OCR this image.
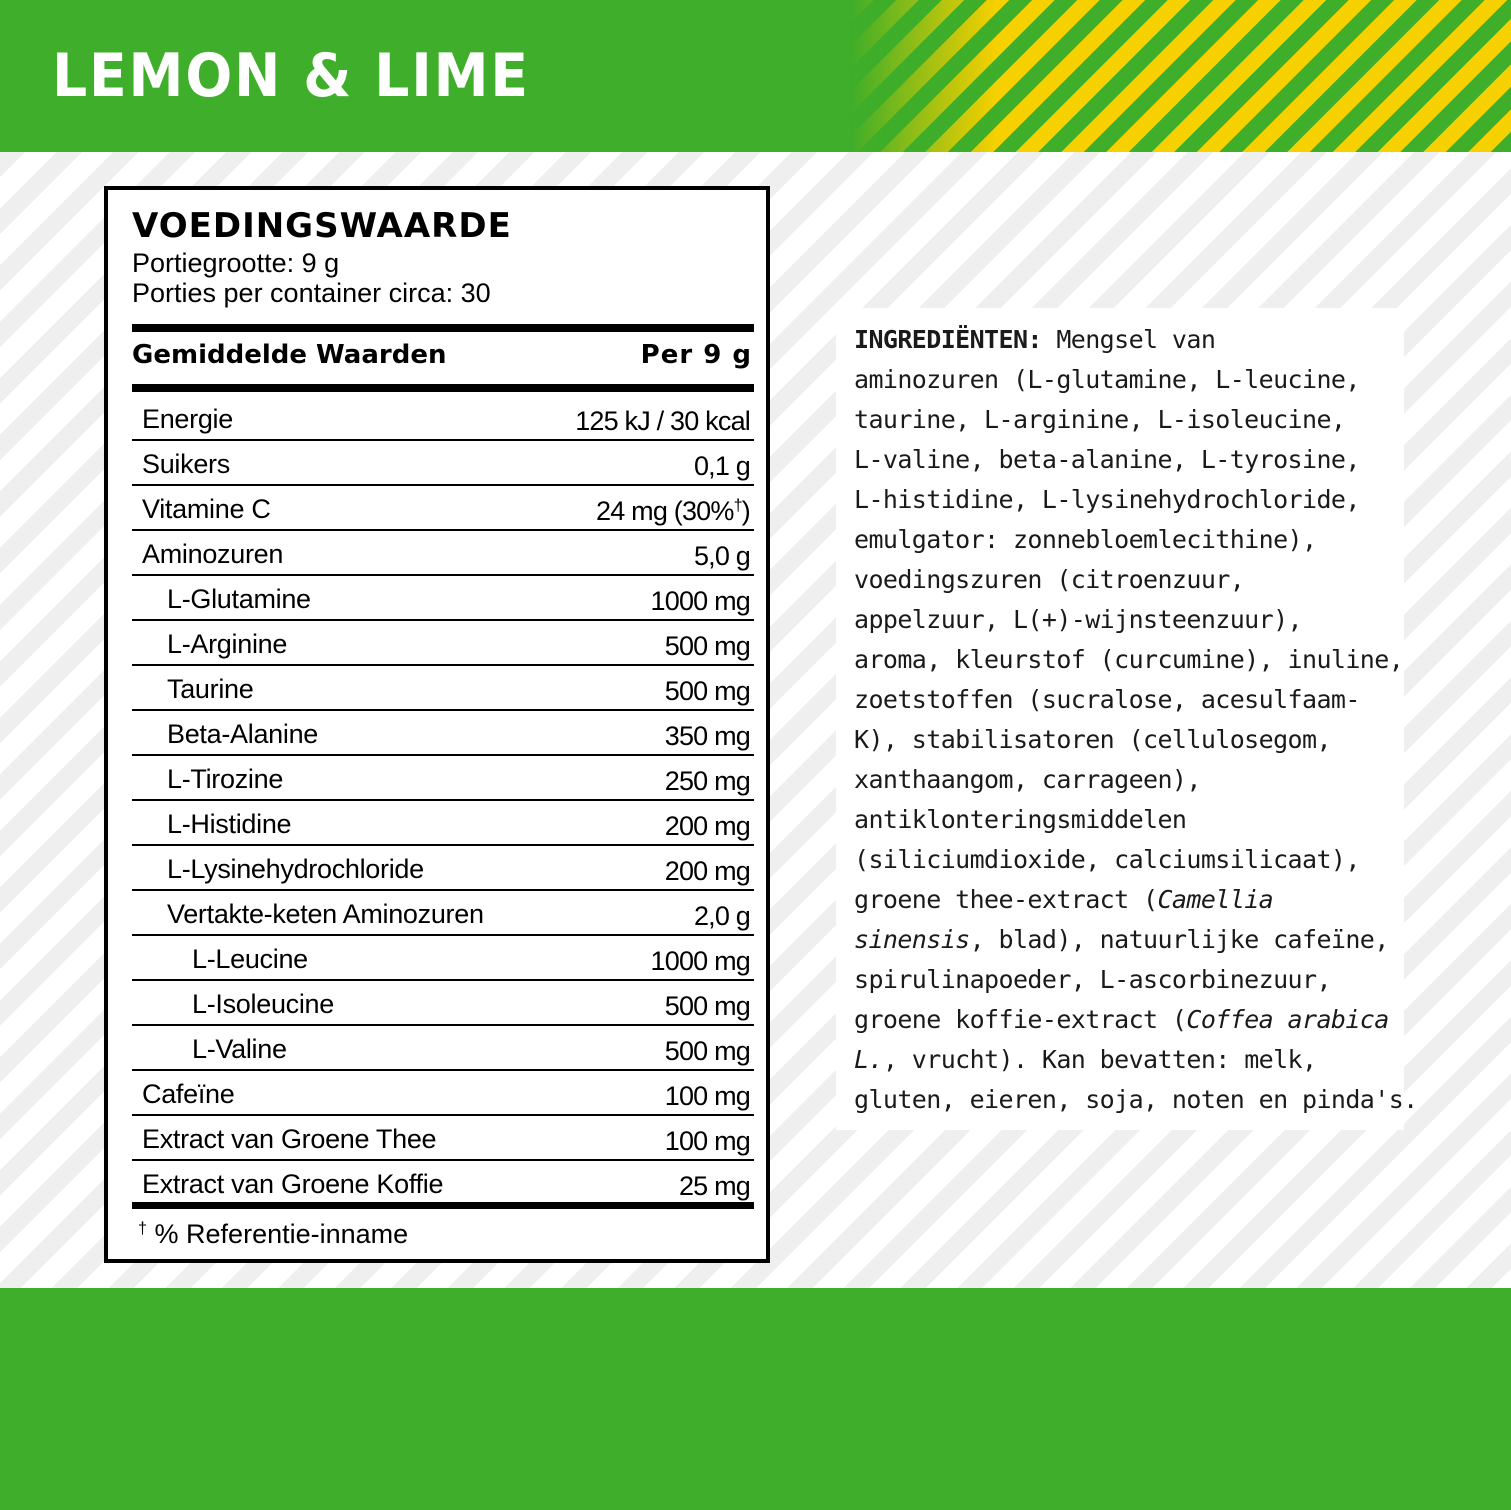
LEMON & LIME
VOEDINGSWAARDE
Portiegrootte: 9 g
Porties per container circa: 30
Gemiddelde Waarden	Per 9 g
Energie	125 kJ / 30 kcal
Suikers	0,1 g
Vitamine C	24 mg (30%†)
Aminozuren	5,0 g
L-Glutamine	1000 mg
L-Arginine	500 mg
Taurine	500 mg
Beta-Alanine	350 mg
L-Tirozine	250 mg
L-Histidine	200 mg
L-Lysinehydrochloride	200 mg
Vertakte-keten Aminozuren	2,0 g
L-Leucine	1000 mg
L-Isoleucine	500 mg
L-Valine	500 mg
Cafeïne	100 mg
Extract van Groene Thee	100 mg
Extract van Groene Koffie	25 mg
† % Referentie-inname
INGREDIËNTEN: Mengsel van
aminozuren (L-glutamine, L-leucine,
taurine, L-arginine, L-isoleucine,
L-valine, beta-alanine, L-tyrosine,
L-histidine, L-lysinehydrochloride,
emulgator: zonnebloemlecithine),
voedingszuren (citroenzuur,
appelzuur, L(+)-wijnsteenzuur),
aroma, kleurstof (curcumine), inuline,
zoetstoffen (sucralose, acesulfaam-
K), stabilisatoren (cellulosegom,
xanthaangom, carrageen),
antiklonteringsmiddelen
(siliciumdioxide, calciumsilicaat),
groene thee-extract (Camellia
sinensis, blad), natuurlijke cafeïne,
spirulinapoeder, L-ascorbinezuur,
groene koffie-extract (Coffea arabica
L., vrucht). Kan bevatten: melk,
gluten, eieren, soja, noten en pinda's.
